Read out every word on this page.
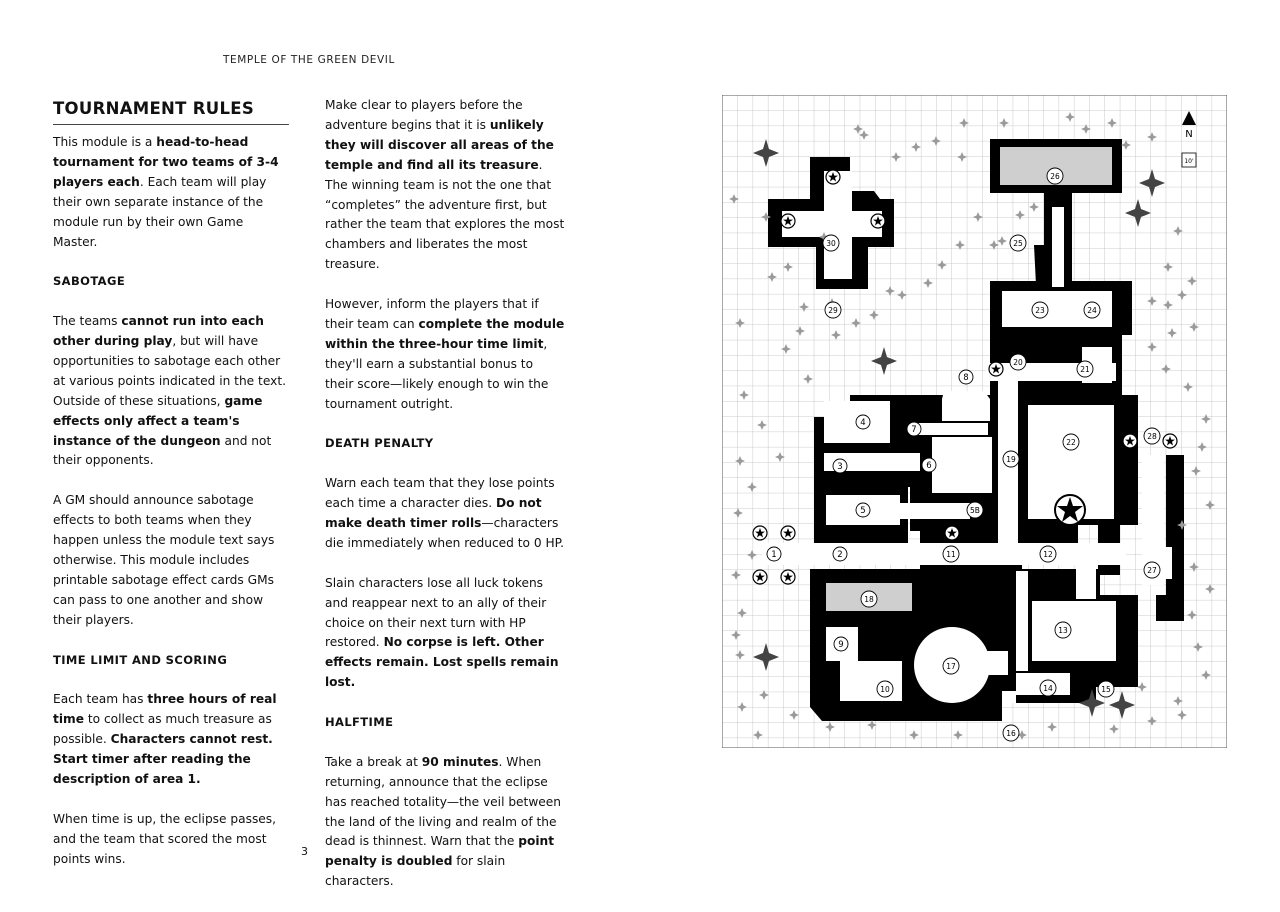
TEMPLE OF THE GREEN DEVIL
TOURNAMENT RULES

This module is a head-to-head tournament for two teams of 3-4 players each. Each team will play their own separate instance of the module run by their own Game Master.

SABOTAGE

The teams cannot run into each other during play, but will have opportunities to sabotage each other at various points indicated in the text. Outside of these situations, game effects only affect a team's instance of the dungeon and not their opponents.

A GM should announce sabotage effects to both teams when they happen unless the module text says otherwise. This module includes printable sabotage effect cards GMs can pass to one another and show their players.

TIME LIMIT AND SCORING

Each team has three hours of real time to collect as much treasure as possible. Characters cannot rest. Start timer after reading the description of area 1.

When time is up, the eclipse passes, and the team that scored the most points wins.

Make clear to players before the adventure begins that it is unlikely they will discover all areas of the temple and find all its treasure. The winning team is not the one that “completes” the adventure first, but rather the team that explores the most chambers and liberates the most treasure.

However, inform the players that if their team can complete the module within the three-hour time limit, they'll earn a substantial bonus to their score—likely enough to win the tournament outright.

DEATH PENALTY

Warn each team that they lose points each time a character dies. Do not make death timer rolls—characters die immediately when reduced to 0 HP.

Slain characters lose all luck tokens and reappear next to an ally of their choice on their next turn with HP restored. No corpse is left. Other effects remain. Lost spells remain lost.

HALFTIME

Take a break at 90 minutes. When returning, announce that the eclipse has reached totality—the veil between the land of the living and realm of the dead is thinnest. Warn that the point penalty is doubled for slain characters.

3
1	2
3
4
5	5B
6
7
8
9
10
11	12
13
14	15
16
17
18
19
20
21
22
23	24
25
26
27
28
29
30
N
10'
